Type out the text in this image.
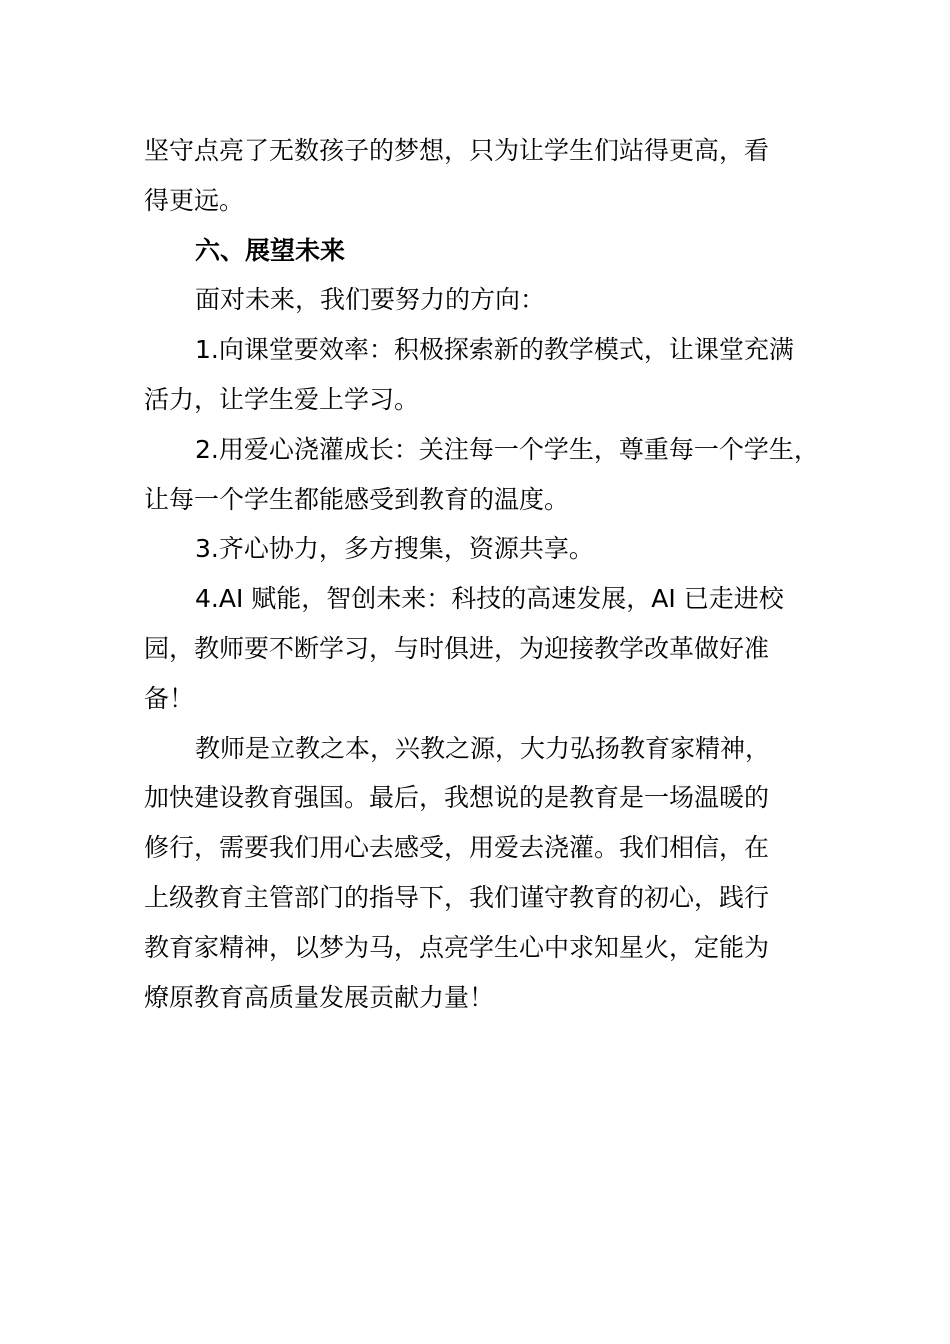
坚守点亮了无数孩子的梦想，只为让学生们站得更高，看

得更远。

六、展望未来

面对未来，我们要努力的方向：

1.向课堂要效率：积极探索新的教学模式，让课堂充满

活力，让学生爱上学习。

2.用爱心浇灌成长：关注每一个学生，尊重每一个学生，

让每一个学生都能感受到教育的温度。

3.齐心协力，多方搜集，资源共享。

4.AI 赋能，智创未来：科技的高速发展，AI 已走进校

园，教师要不断学习，与时俱进，为迎接教学改革做好准

备！

教师是立教之本，兴教之源，大力弘扬教育家精神，

加快建设教育强国。最后，我想说的是教育是一场温暖的

修行，需要我们用心去感受，用爱去浇灌。我们相信，在

上级教育主管部门的指导下，我们谨守教育的初心，践行

教育家精神，以梦为马，点亮学生心中求知星火，定能为

燎原教育高质量发展贡献力量！
